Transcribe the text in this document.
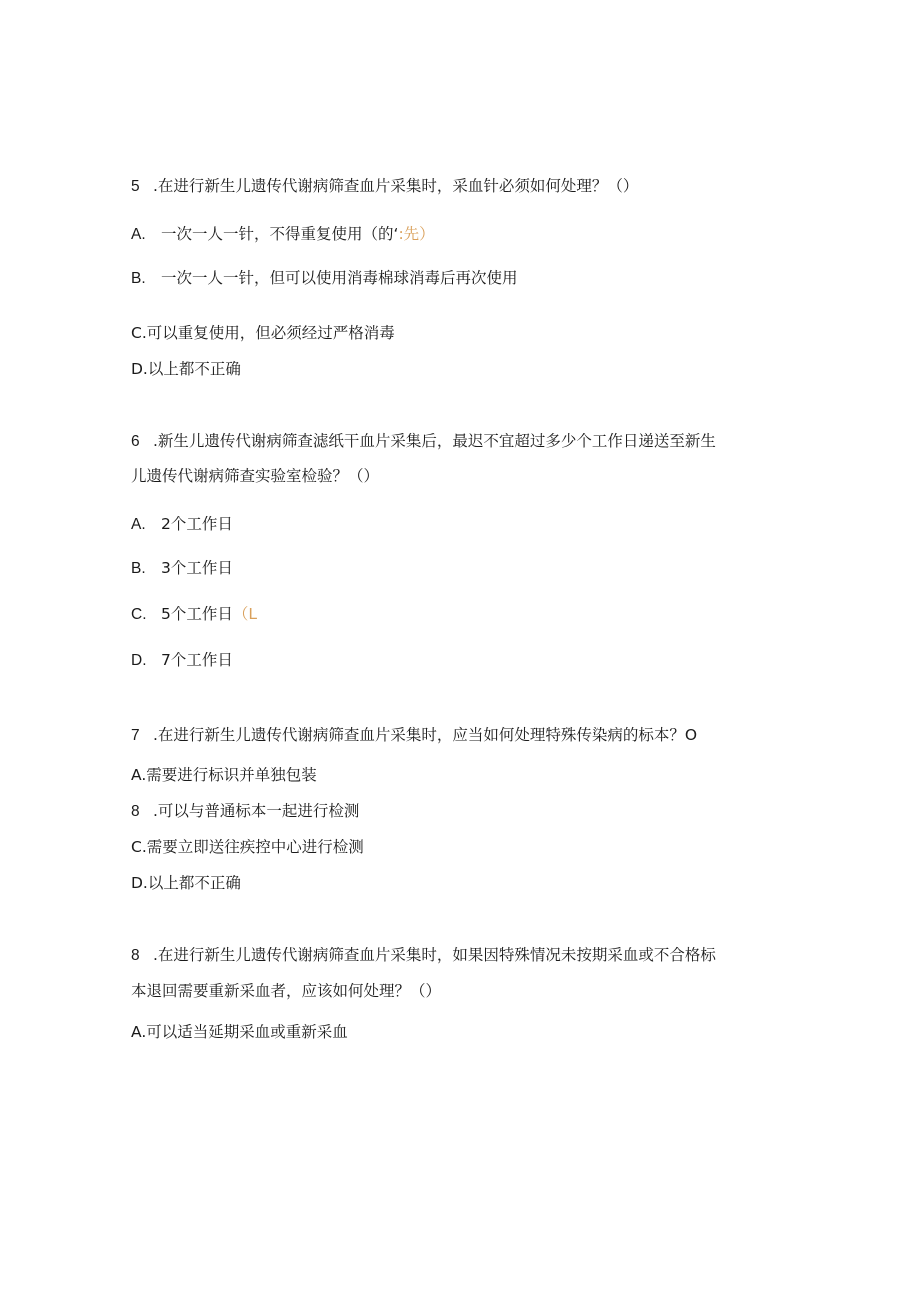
5 .在进行新生儿遗传代谢病筛查血片采集时，采血针必须如何处理？（）
A. 一次一人一针，不得重复使用（的‘:先）
B. 一次一人一针，但可以使用消毒棉球消毒后再次使用
C.可以重复使用，但必须经过严格消毒
D.以上都不正确
6 .新生儿遗传代谢病筛查滤纸干血片采集后，最迟不宜超过多少个工作日递送至新生
儿遗传代谢病筛查实验室检验？（）
A. 2个工作日
B. 3个工作日
C. 5个工作日（L
D. 7个工作日
7 .在进行新生儿遗传代谢病筛查血片采集时，应当如何处理特殊传染病的标本？O
A.需要进行标识并单独包装
8 .可以与普通标本一起进行检测
C.需要立即送往疾控中心进行检测
D.以上都不正确
8 .在进行新生儿遗传代谢病筛查血片采集时，如果因特殊情况未按期采血或不合格标
本退回需要重新采血者，应该如何处理？（）
A.可以适当延期采血或重新采血
